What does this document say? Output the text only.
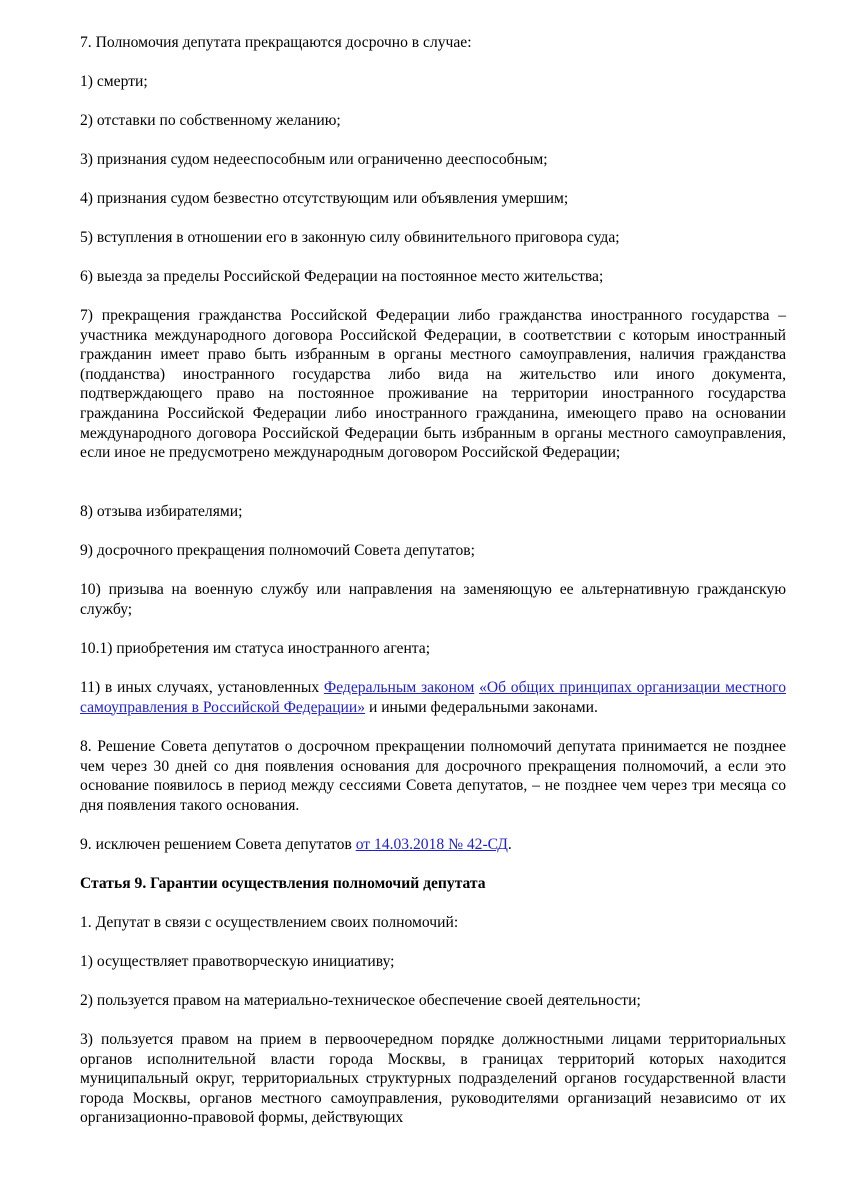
7. Полномочия депутата прекращаются досрочно в случае:

1) смерти;

2) отставки по собственному желанию;

3) признания судом недееспособным или ограниченно дееспособным;

4) признания судом безвестно отсутствующим или объявления умершим;

5) вступления в отношении его в законную силу обвинительного приговора суда;

6) выезда за пределы Российской Федерации на постоянное место жительства;

7) прекращения гражданства Российской Федерации либо гражданства иностранного государства – участника международного договора Российской Федерации, в соответствии с которым иностранный гражданин имеет право быть избранным в органы местного самоуправления, наличия гражданства (подданства) иностранного государства либо вида на жительство или иного документа, подтверждающего право на постоянное проживание на территории иностранного государства гражданина Российской Федерации либо иностранного гражданина, имеющего право на основании международного договора Российской Федерации быть избранным в органы местного самоуправления, если иное не предусмотрено международным договором Российской Федерации;

8) отзыва избирателями;

9) досрочного прекращения полномочий Совета депутатов;

10) призыва на военную службу или направления на заменяющую ее альтернативную гражданскую службу;

10.1) приобретения им статуса иностранного агента;

11) в иных случаях, установленных Федеральным законом «Об общих принципах организации местного самоуправления в Российской Федерации» и иными федеральными законами.

8. Решение Совета депутатов о досрочном прекращении полномочий депутата принимается не позднее чем через 30 дней со дня появления основания для досрочного прекращения полномочий, а если это основание появилось в период между сессиями Совета депутатов, – не позднее чем через три месяца со дня появления такого основания.

9. исключен решением Совета депутатов от 14.03.2018 № 42-СД.

Статья 9. Гарантии осуществления полномочий депутата

1. Депутат в связи с осуществлением своих полномочий:

1) осуществляет правотворческую инициативу;

2) пользуется правом на материально-техническое обеспечение своей деятельности;

3) пользуется правом на прием в первоочередном порядке должностными лицами территориальных органов исполнительной власти города Москвы, в границах территорий которых находится муниципальный округ, территориальных структурных подразделений органов государственной власти города Москвы, органов местного самоуправления, руководителями организаций независимо от их организационно-правовой формы, действующих
